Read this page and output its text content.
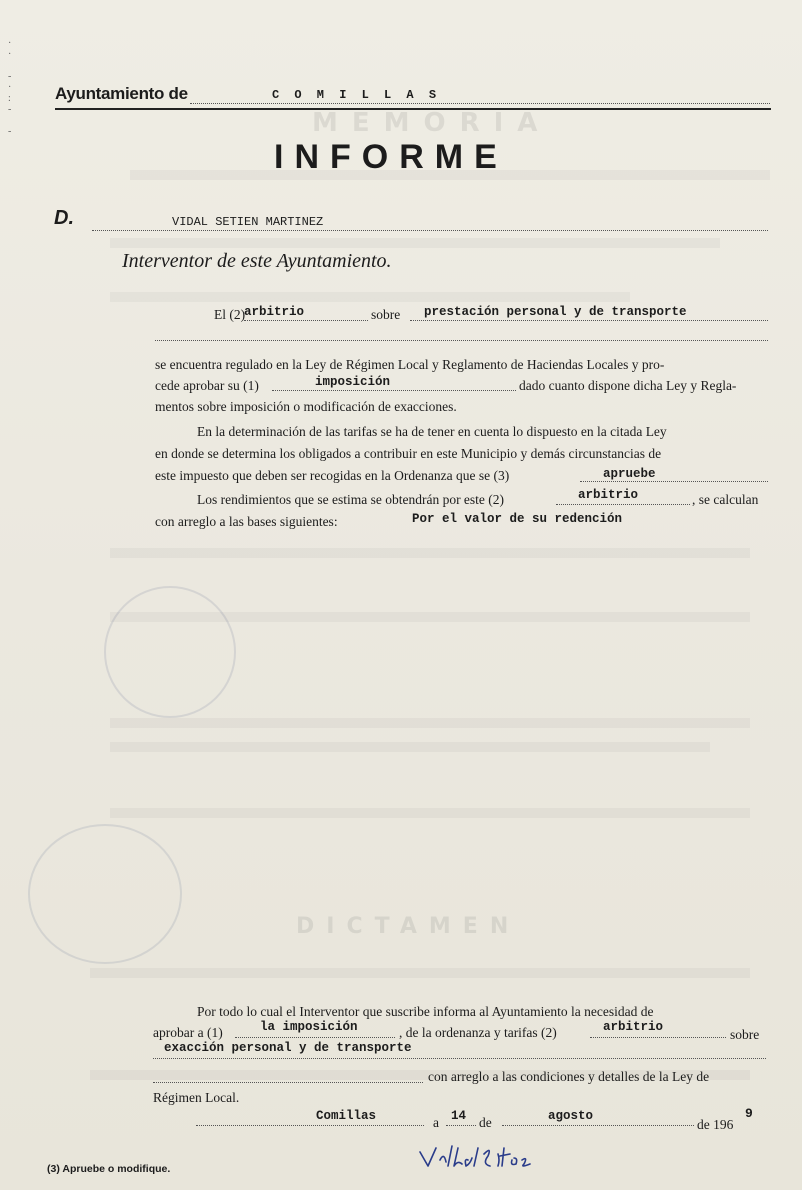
MEMORIA
DICTAMEN
·
·

-
·
:
-

-
Ayuntamiento de	C O M I L L A S
INFORME
D.	VIDAL SETIEN MARTINEZ
Interventor de este Ayuntamiento.
El (2)
arbitrio	sobre prestación personal y de transporte
se encuentra regulado en la Ley de Régimen Local y Reglamento de Haciendas Locales y pro-
cede aprobar su (1)	imposición	dado cuanto dispone dicha Ley y Regla-
mentos sobre imposición o modificación de exacciones.
En la determinación de las tarifas se ha de tener en cuenta lo dispuesto en la citada Ley
en donde se determina los obligados a contribuir en este Municipio y demás circunstancias de
este impuesto que deben ser recogidas en la Ordenanza que se (3)	apruebe
Los rendimientos que se estima se obtendrán por este (2)	arbitrio	, se calculan
con arreglo a las bases siguientes:	Por el valor de su redención
Por todo lo cual el Interventor que suscribe informa al Ayuntamiento la necesidad de
aprobar a (1)	la imposición	, de la ordenanza y tarifas (2)	arbitrio	sobre
exacción personal y de transporte
con arreglo a las condiciones y detalles de la Ley de
Régimen Local.
Comillas	a 14 de	agosto
de 196
9
(3) Apruebe o modifique.
